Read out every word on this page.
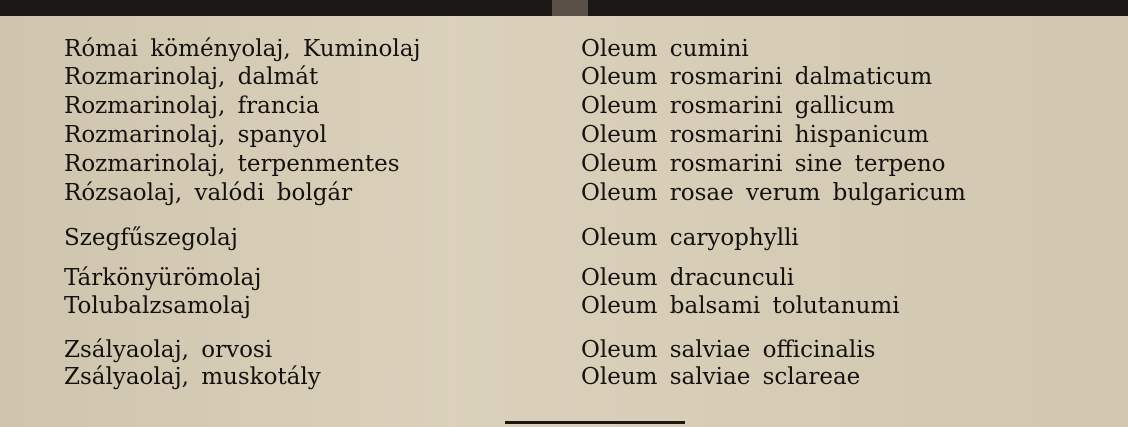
Római köményolaj, Kuminolaj
Rozmarinolaj, dalmát
Rozmarinolaj, francia
Rozmarinolaj, spanyol
Rozmarinolaj, terpenmentes
Rózsaolaj, valódi bolgár
Szegfűszegolaj
Tárkönyürömolaj
Tolubalzsamolaj
Zsályaolaj, orvosi
Zsályaolaj, muskotály
Oleum cumini
Oleum rosmarini dalmaticum
Oleum rosmarini gallicum
Oleum rosmarini hispanicum
Oleum rosmarini sine terpeno
Oleum rosae verum bulgaricum
Oleum caryophylli
Oleum dracunculi
Oleum balsami tolutanumi
Oleum salviae officinalis
Oleum salviae sclareae
